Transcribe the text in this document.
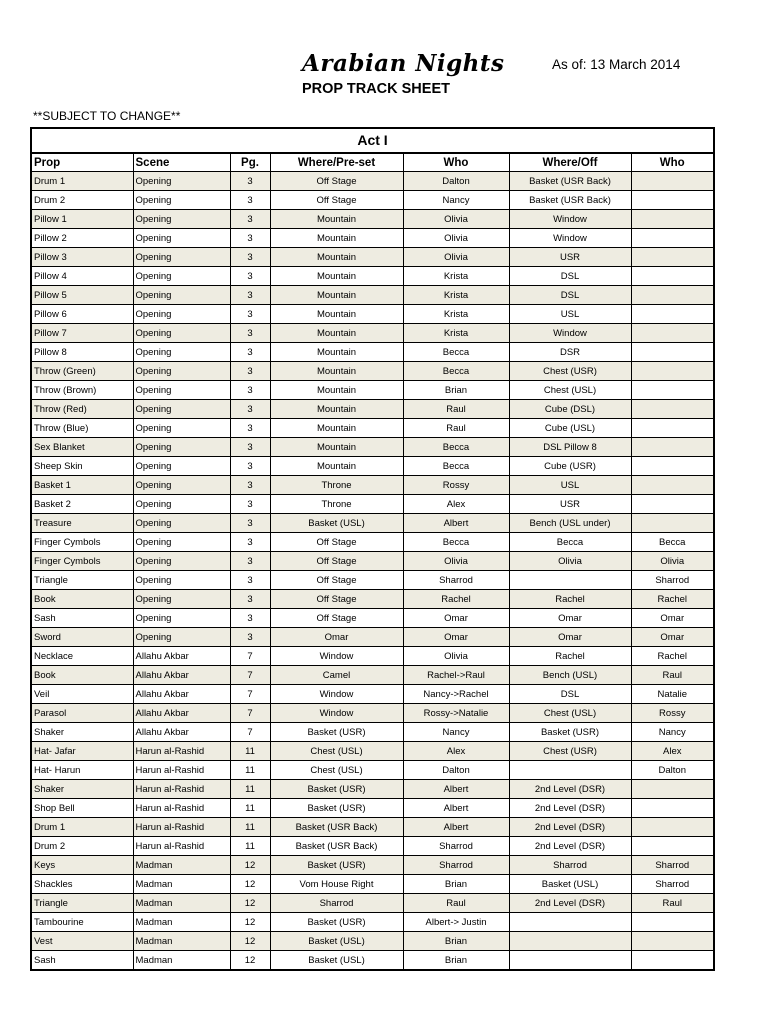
Arabian Nights	As of: 13 March 2014
PROP TRACK SHEET
**SUBJECT TO CHANGE**
Act I
Prop	Scene	Pg.	Where/Pre-set	Who	Where/Off	Who
Drum 1	Opening	3	Off Stage	Dalton	Basket (USR Back)	
Drum 2	Opening	3	Off Stage	Nancy	Basket (USR Back)	
Pillow 1	Opening	3	Mountain	Olivia	Window	
Pillow 2	Opening	3	Mountain	Olivia	Window	
Pillow 3	Opening	3	Mountain	Olivia	USR	
Pillow 4	Opening	3	Mountain	Krista	DSL	
Pillow 5	Opening	3	Mountain	Krista	DSL	
Pillow 6	Opening	3	Mountain	Krista	USL	
Pillow 7	Opening	3	Mountain	Krista	Window	
Pillow 8	Opening	3	Mountain	Becca	DSR	
Throw (Green)	Opening	3	Mountain	Becca	Chest (USR)	
Throw (Brown)	Opening	3	Mountain	Brian	Chest (USL)	
Throw (Red)	Opening	3	Mountain	Raul	Cube (DSL)	
Throw (Blue)	Opening	3	Mountain	Raul	Cube (USL)	
Sex Blanket	Opening	3	Mountain	Becca	DSL Pillow 8	
Sheep Skin	Opening	3	Mountain	Becca	Cube (USR)	
Basket 1	Opening	3	Throne	Rossy	USL	
Basket 2	Opening	3	Throne	Alex	USR	
Treasure	Opening	3	Basket (USL)	Albert	Bench (USL under)	
Finger Cymbols	Opening	3	Off Stage	Becca	Becca	Becca
Finger Cymbols	Opening	3	Off Stage	Olivia	Olivia	Olivia
Triangle	Opening	3	Off Stage	Sharrod		Sharrod
Book	Opening	3	Off Stage	Rachel	Rachel	Rachel
Sash	Opening	3	Off Stage	Omar	Omar	Omar
Sword	Opening	3	Omar	Omar	Omar	Omar
Necklace	Allahu Akbar	7	Window	Olivia	Rachel	Rachel
Book	Allahu Akbar	7	Camel	Rachel->Raul	Bench (USL)	Raul
Veil	Allahu Akbar	7	Window	Nancy->Rachel	DSL	Natalie
Parasol	Allahu Akbar	7	Window	Rossy->Natalie	Chest (USL)	Rossy
Shaker	Allahu Akbar	7	Basket (USR)	Nancy	Basket (USR)	Nancy
Hat- Jafar	Harun al-Rashid	11	Chest (USL)	Alex	Chest (USR)	Alex
Hat- Harun	Harun al-Rashid	11	Chest (USL)	Dalton		Dalton
Shaker	Harun al-Rashid	11	Basket (USR)	Albert	2nd Level (DSR)	
Shop Bell	Harun al-Rashid	11	Basket (USR)	Albert	2nd Level (DSR)	
Drum 1	Harun al-Rashid	11	Basket (USR Back)	Albert	2nd Level (DSR)	
Drum 2	Harun al-Rashid	11	Basket (USR Back)	Sharrod	2nd Level (DSR)	
Keys	Madman	12	Basket (USR)	Sharrod	Sharrod	Sharrod
Shackles	Madman	12	Vom House Right	Brian	Basket (USL)	Sharrod
Triangle	Madman	12	Sharrod	Raul	2nd Level (DSR)	Raul
Tambourine	Madman	12	Basket (USR)	Albert-> Justin		
Vest	Madman	12	Basket (USL)	Brian		
Sash	Madman	12	Basket (USL)	Brian		
